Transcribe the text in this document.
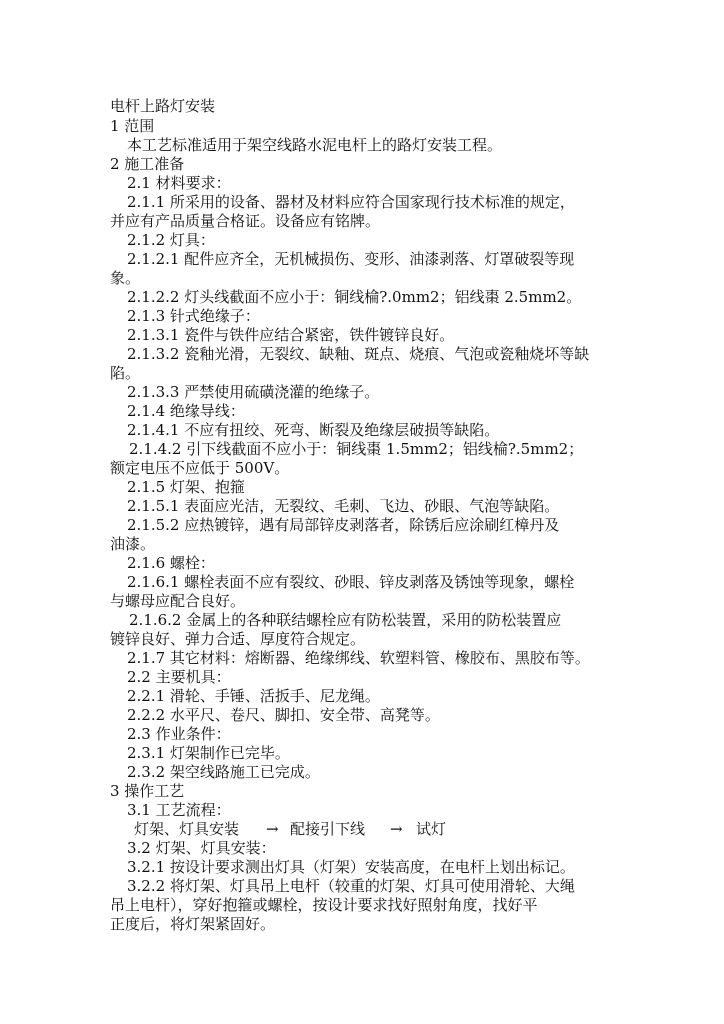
电杆上路灯安装
1 范围
本工艺标准适用于架空线路水泥电杆上的路灯安装工程。
2 施工准备
2.1 材料要求：
2.1.1 所采用的设备、器材及材料应符合国家现行技术标准的规定，
并应有产品质量合格证。设备应有铭牌。
2.1.2 灯具：
2.1.2.1 配件应齐全，无机械损伤、变形、油漆剥落、灯罩破裂等现
象。
2.1.2.2 灯头线截面不应小于：铜线棆?.0mm2；铝线棗 2.5mm2。
2.1.3 针式绝缘子：
2.1.3.1 瓷件与铁件应结合紧密，铁件镀锌良好。
2.1.3.2 瓷釉光滑，无裂纹、缺釉、斑点、烧痕、气泡或瓷釉烧坏等缺
陷。
2.1.3.3 严禁使用硫磺浇灌的绝缘子。
2.1.4 绝缘导线：
2.1.4.1 不应有扭绞、死弯、断裂及绝缘层破损等缺陷。
2.1.4.2 引下线截面不应小于：铜线棗 1.5mm2；铝线棆?.5mm2；
额定电压不应低于 500V。
2.1.5 灯架、抱箍
2.1.5.1 表面应光洁，无裂纹、毛刺、飞边、砂眼、气泡等缺陷。
2.1.5.2 应热镀锌，遇有局部锌皮剥落者，除锈后应涂刷红樟丹及
油漆。
2.1.6 螺栓：
2.1.6.1 螺栓表面不应有裂纹、砂眼、锌皮剥落及锈蚀等现象，螺栓
与螺母应配合良好。
2.1.6.2 金属上的各种联结螺栓应有防松装置，采用的防松装置应
镀锌良好、弹力合适、厚度符合规定。
2.1.7 其它材料：熔断器、绝缘绑线、软塑料管、橡胶布、黑胶布等。
2.2 主要机具：
2.2.1 滑轮、手锤、活扳手、尼龙绳。
2.2.2 水平尺、卷尺、脚扣、安全带、高凳等。
2.3 作业条件：
2.3.1 灯架制作已完毕。
2.3.2 架空线路施工已完成。
3 操作工艺
3.1 工艺流程：
灯架、灯具安装 → 配接引下线 → 试灯
3.2 灯架、灯具安装：
3.2.1 按设计要求测出灯具（灯架）安装高度，在电杆上划出标记。
3.2.2 将灯架、灯具吊上电杆（较重的灯架、灯具可使用滑轮、大绳
吊上电杆），穿好抱箍或螺栓，按设计要求找好照射角度，找好平
正度后，将灯架紧固好。
